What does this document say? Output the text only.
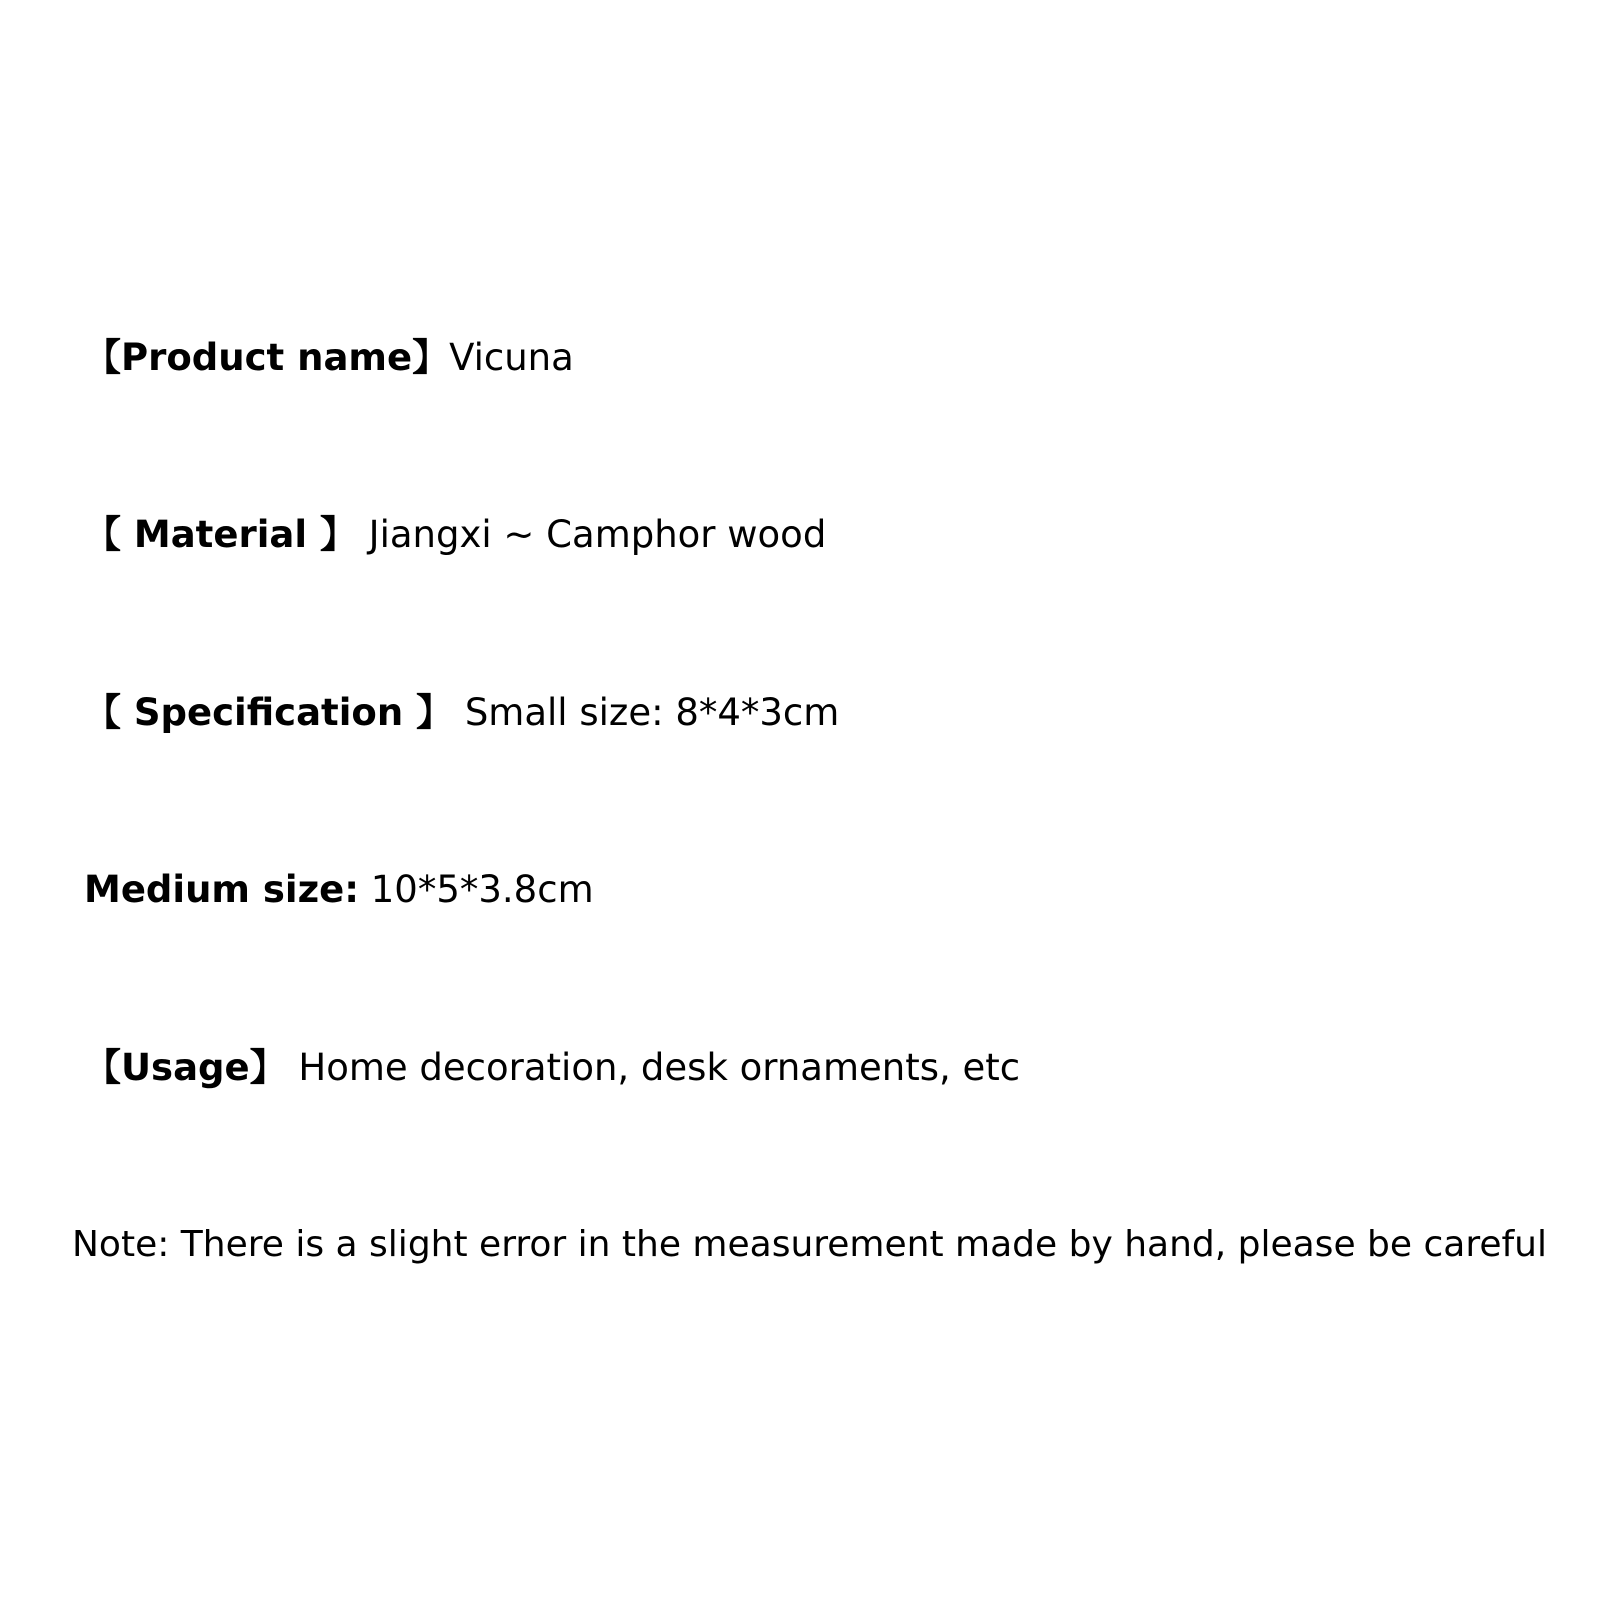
【Product name】Vicuna
【 Material 】 Jiangxi ~ Camphor wood
【 Specification 】 Small size: 8*4*3cm
Medium size: 10*5*3.8cm
【Usage】 Home decoration, desk ornaments, etc
Note: There is a slight error in the measurement made by hand, please be careful
